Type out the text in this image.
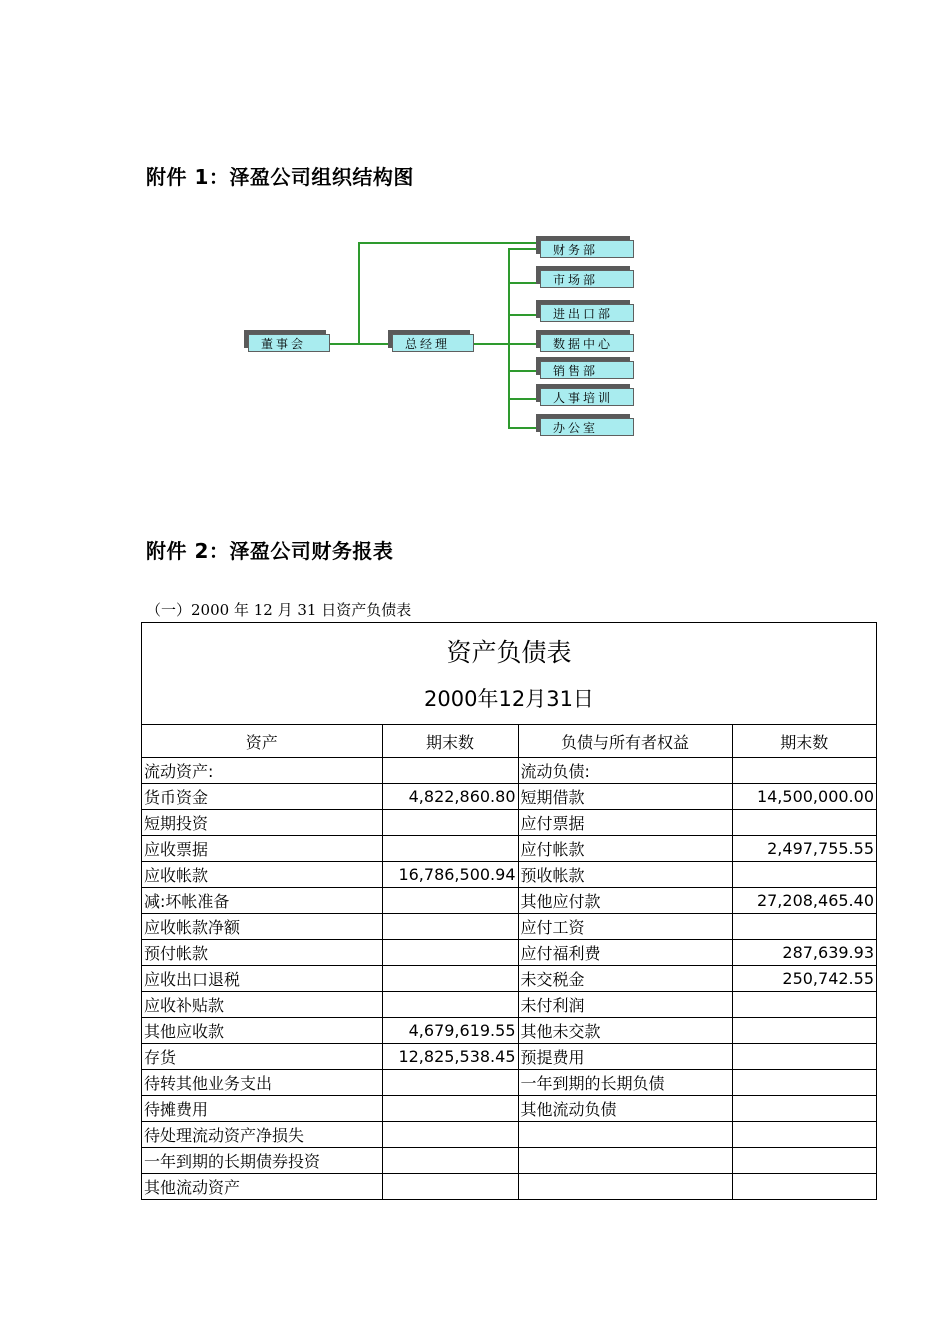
附件 1：泽盈公司组织结构图
董事会	总经理
财务部
市场部
进出口部
数据中心
销售部
人事培训
办公室
附件 2：泽盈公司财务报表
（一）2000 年 12 月 31 日资产负债表
资产负债表
2000年12月31日
资产	期末数	负债与所有者权益	期末数
流动资产:		流动负债:	
货币资金	4,822,860.80	短期借款	14,500,000.00
短期投资		应付票据	
应收票据		应付帐款	2,497,755.55
应收帐款	16,786,500.94	预收帐款	
减:坏帐准备		其他应付款	27,208,465.40
应收帐款净额		应付工资	
预付帐款		应付福利费	287,639.93
应收出口退税		未交税金	250,742.55
应收补贴款		未付利润	
其他应收款	4,679,619.55	其他未交款	
存货	12,825,538.45	预提费用	
待转其他业务支出		一年到期的长期负债	
待摊费用		其他流动负债	
待处理流动资产净损失			
一年到期的长期债券投资			
其他流动资产			
